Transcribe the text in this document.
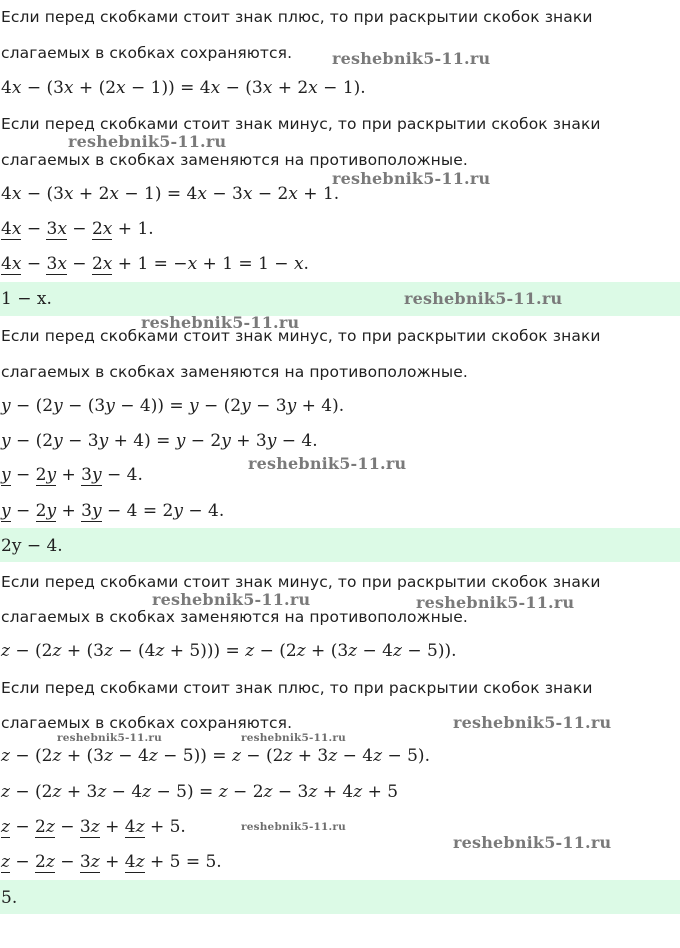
Если перед скобками стоит знак плюс, то при раскрытии скобок знаки
слагаемых в скобках сохраняются.
4x − (3x + (2x − 1)) = 4x − (3x + 2x − 1).
Если перед скобками стоит знак минус, то при раскрытии скобок знаки
слагаемых в скобках заменяются на противоположные.
4x − (3x + 2x − 1) = 4x − 3x − 2x + 1.
4x − 3x − 2x + 1.
4x − 3x − 2x + 1 = −x + 1 = 1 − x.
1 − x.
Если перед скобками стоит знак минус, то при раскрытии скобок знаки
слагаемых в скобках заменяются на противоположные.
y − (2y − (3y − 4)) = y − (2y − 3y + 4).
y − (2y − 3y + 4) = y − 2y + 3y − 4.
y − 2y + 3y − 4.
y − 2y + 3y − 4 = 2y − 4.
2y − 4.
Если перед скобками стоит знак минус, то при раскрытии скобок знаки
слагаемых в скобках заменяются на противоположные.
z − (2z + (3z − (4z + 5))) = z − (2z + (3z − 4z − 5)).
Если перед скобками стоит знак плюс, то при раскрытии скобок знаки
слагаемых в скобках сохраняются.
z − (2z + (3z − 4z − 5)) = z − (2z + 3z − 4z − 5).
z − (2z + 3z − 4z − 5) = z − 2z − 3z + 4z + 5
z − 2z − 3z + 4z + 5.
z − 2z − 3z + 4z + 5 = 5.
5.
reshebnik5-11.ru
reshebnik5-11.ru
reshebnik5-11.ru
reshebnik5-11.ru
reshebnik5-11.ru
reshebnik5-11.ru
reshebnik5-11.ru	reshebnik5-11.ru
reshebnik5-11.ru
reshebnik5-11.ru	reshebnik5-11.ru
reshebnik5-11.ru
reshebnik5-11.ru
